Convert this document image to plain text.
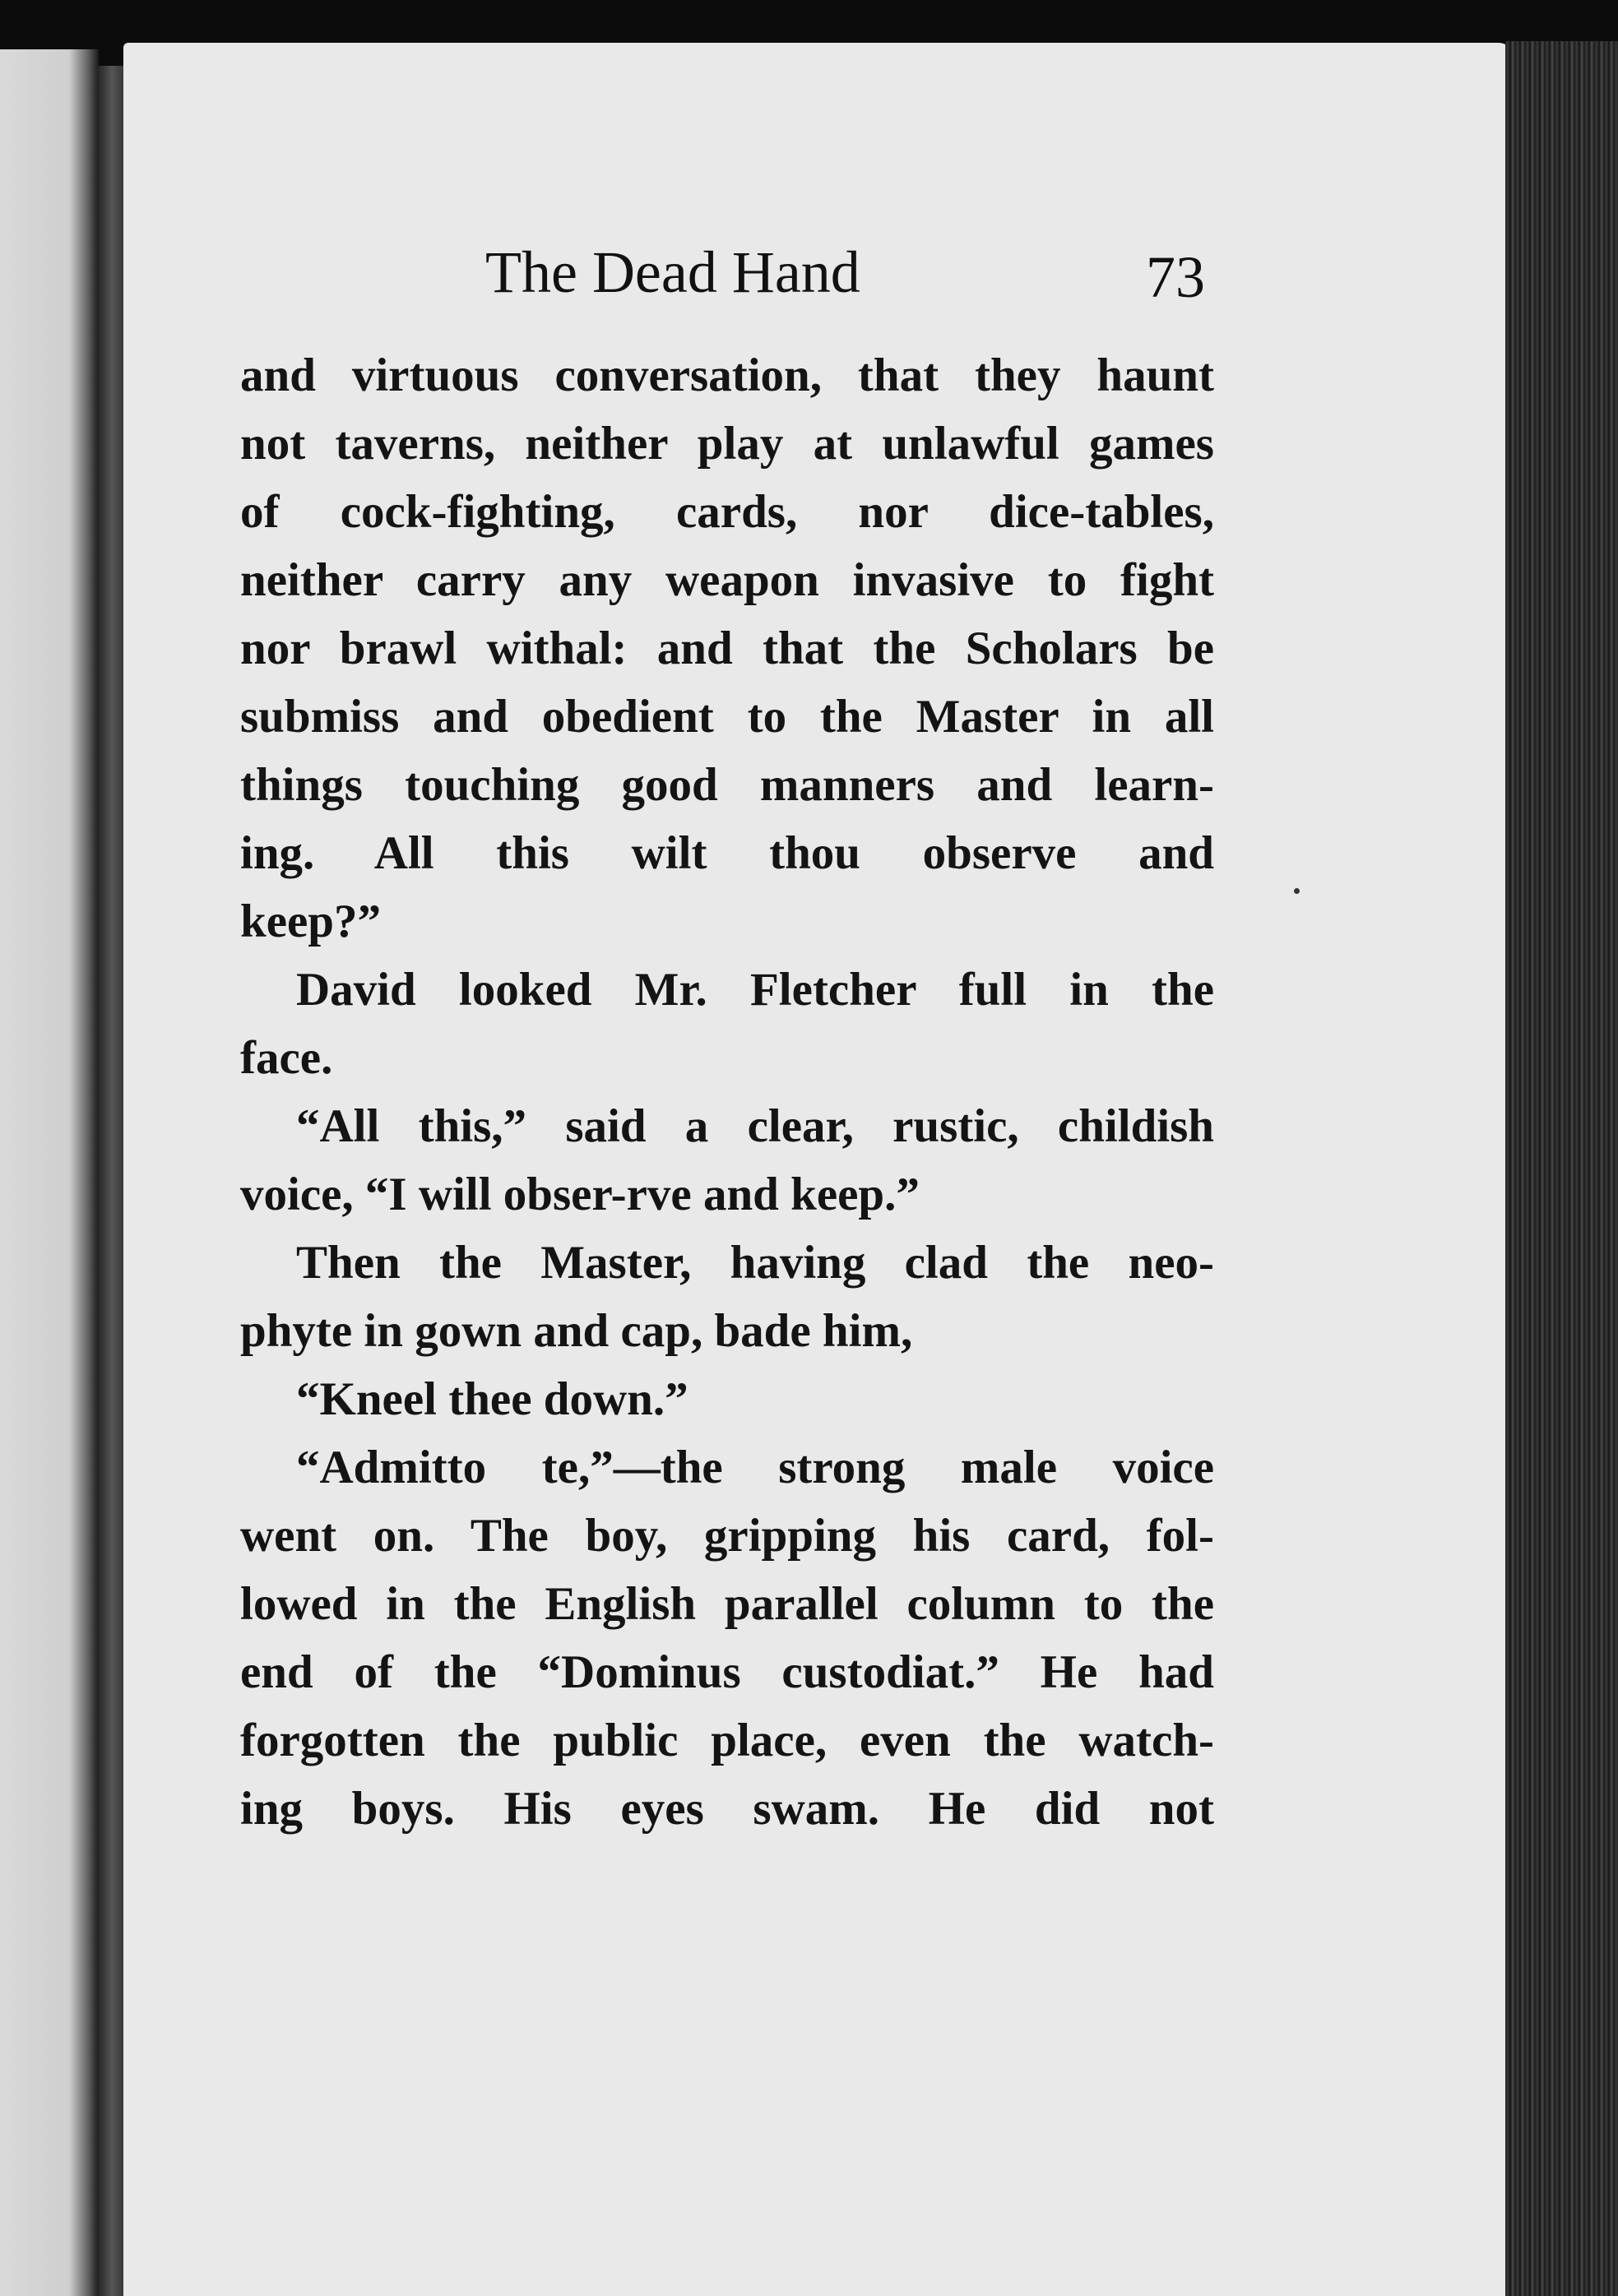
The Dead Hand	73
and virtuous conversation, that they haunt
not taverns, neither play at unlawful games
of cock-fighting, cards, nor dice-tables,
neither carry any weapon invasive to fight
nor brawl withal: and that the Scholars be
submiss and obedient to the Master in all
things touching good manners and learn-
ing. All this wilt thou observe and
keep?”
David looked Mr. Fletcher full in the
face.
“All this,” said a clear, rustic, childish
voice, “I will obser-rve and keep.”
Then the Master, having clad the neo-
phyte in gown and cap, bade him,
“Kneel thee down.”
“Admitto te,”—the strong male voice
went on. The boy, gripping his card, fol-
lowed in the English parallel column to the
end of the “Dominus custodiat.” He had
forgotten the public place, even the watch-
ing boys. His eyes swam. He did not
